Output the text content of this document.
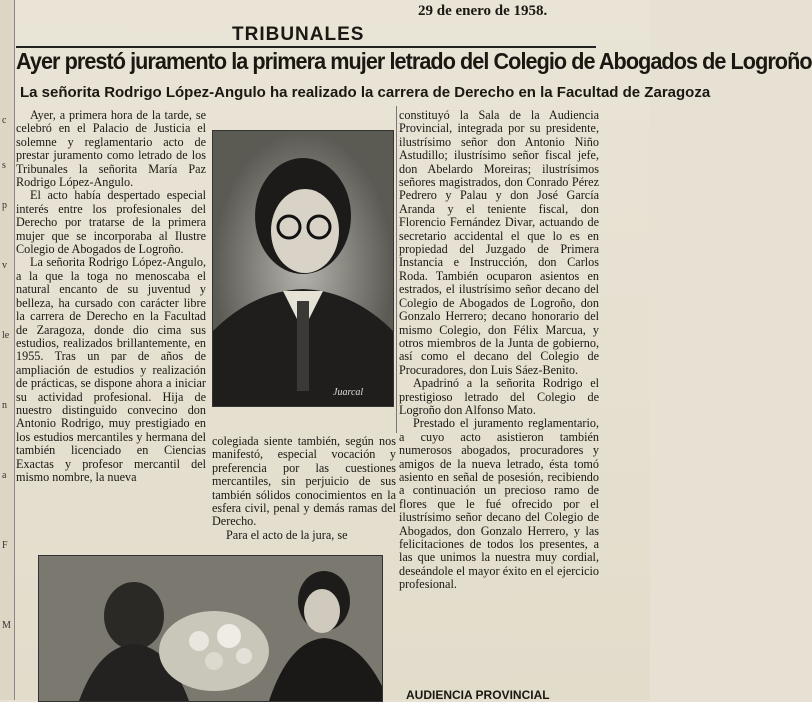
c
s
p
v
le
n
a
F
M
TRIBUNALES
29 de enero de 1958.
Ayer prestó juramento la primera mujer letrado del Colegio de Abogados de Logroño
La señorita Rodrigo López-Angulo ha realizado la carrera de Derecho en la Facultad de Zaragoza

Ayer, a primera hora de la tarde, se celebró en el Palacio de Justicia el solemne y reglamentario acto de prestar juramento como letrado de los Tribunales la señorita María Paz Rodrigo López-Angulo.

El acto había despertado especial interés entre los profesionales del Derecho por tratarse de la primera mujer que se incorporaba al Ilustre Colegio de Abogados de Logroño.

La señorita Rodrigo López-Angulo, a la que la toga no menoscaba el natural encanto de su juventud y belleza, ha cursado con carácter libre la carrera de Derecho en la Facultad de Zaragoza, donde dio cima sus estudios, realizados brillantemente, en 1955. Tras un par de años de ampliación de estudios y realización de prácticas, se dispone ahora a iniciar su actividad profesional. Hija de nuestro distinguido convecino don Antonio Rodrigo, muy prestigiado en los estudios mercantiles y hermana del también licenciado en Ciencias Exactas y profesor mercantil del mismo nombre, la nueva

Juarcal

colegiada siente también, según nos manifestó, especial vocación y preferencia por las cuestiones mercantiles, sin perjuicio de sus también sólidos conocimientos en la esfera civil, penal y demás ramas del Derecho.

Para el acto de la jura, se

constituyó la Sala de la Audiencia Provincial, integrada por su presidente, ilustrísimo señor don Antonio Niño Astudillo; ilustrísimo señor fiscal jefe, don Abelardo Moreiras; ilustrísimos señores magistrados, don Conrado Pérez Pedrero y Palau y don José García Aranda y el teniente fiscal, don Florencio Fernández Divar, actuando de secretario accidental el que lo es en propiedad del Juzgado de Primera Instancia e Instrucción, don Carlos Roda. También ocuparon asientos en estrados, el ilustrísimo señor decano del Colegio de Abogados de Logroño, don Gonzalo Herrero; decano honorario del mismo Colegio, don Félix Marcua, y otros miembros de la Junta de gobierno, así como el decano del Colegio de Procuradores, don Luis Sáez-Benito.

Apadrinó a la señorita Rodrigo el prestigioso letrado del Colegio de Logroño don Alfonso Mato.

Prestado el juramento reglamentario, a cuyo acto asistieron también numerosos abogados, procuradores y amigos de la nueva letrado, ésta tomó asiento en señal de posesión, recibiendo a continuación un precioso ramo de flores que le fué ofrecido por el ilustrísimo señor decano del Colegio de Abogados, don Gonzalo Herrero, y las felicitaciones de todos los presentes, a las que unimos la nuestra muy cordial, deseándole el mayor éxito en el ejercicio profesional.

AUDIENCIA PROVINCIAL
